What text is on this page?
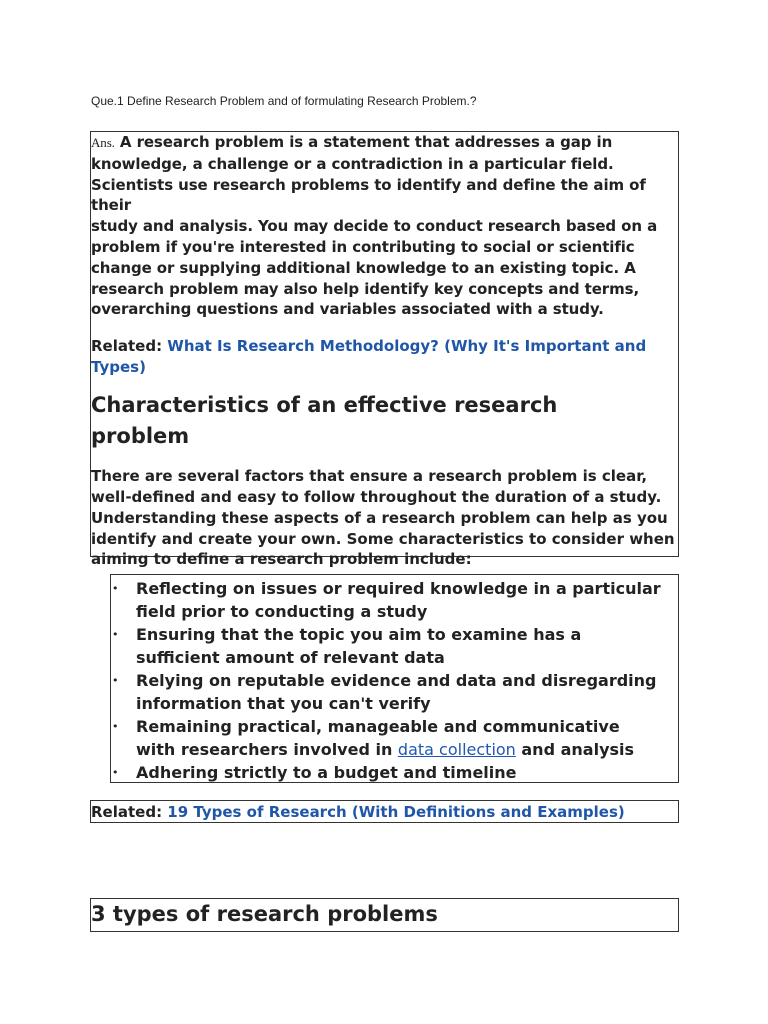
Que.1 Define Research Problem and of formulating Research Problem.?

Ans. A research problem is a statement that addresses a gap in
knowledge, a challenge or a contradiction in a particular field.
Scientists use research problems to identify and define the aim of their
study and analysis. You may decide to conduct research based on a
problem if you're interested in contributing to social or scientific
change or supplying additional knowledge to an existing topic. A
research problem may also help identify key concepts and terms,
overarching questions and variables associated with a study.

Related: What Is Research Methodology? (Why It's Important and
Types)

Characteristics of an effective research
problem

There are several factors that ensure a research problem is clear,
well-defined and easy to follow throughout the duration of a study.
Understanding these aspects of a research problem can help as you
identify and create your own. Some characteristics to consider when
aiming to define a research problem include:

• Reflecting on issues or required knowledge in a particular
field prior to conducting a study
• Ensuring that the topic you aim to examine has a
sufficient amount of relevant data
• Relying on reputable evidence and data and disregarding
information that you can't verify
• Remaining practical, manageable and communicative
with researchers involved in data collection and analysis
• Adhering strictly to a budget and timeline
Related: 19 Types of Research (With Definitions and Examples)
3 types of research problems
